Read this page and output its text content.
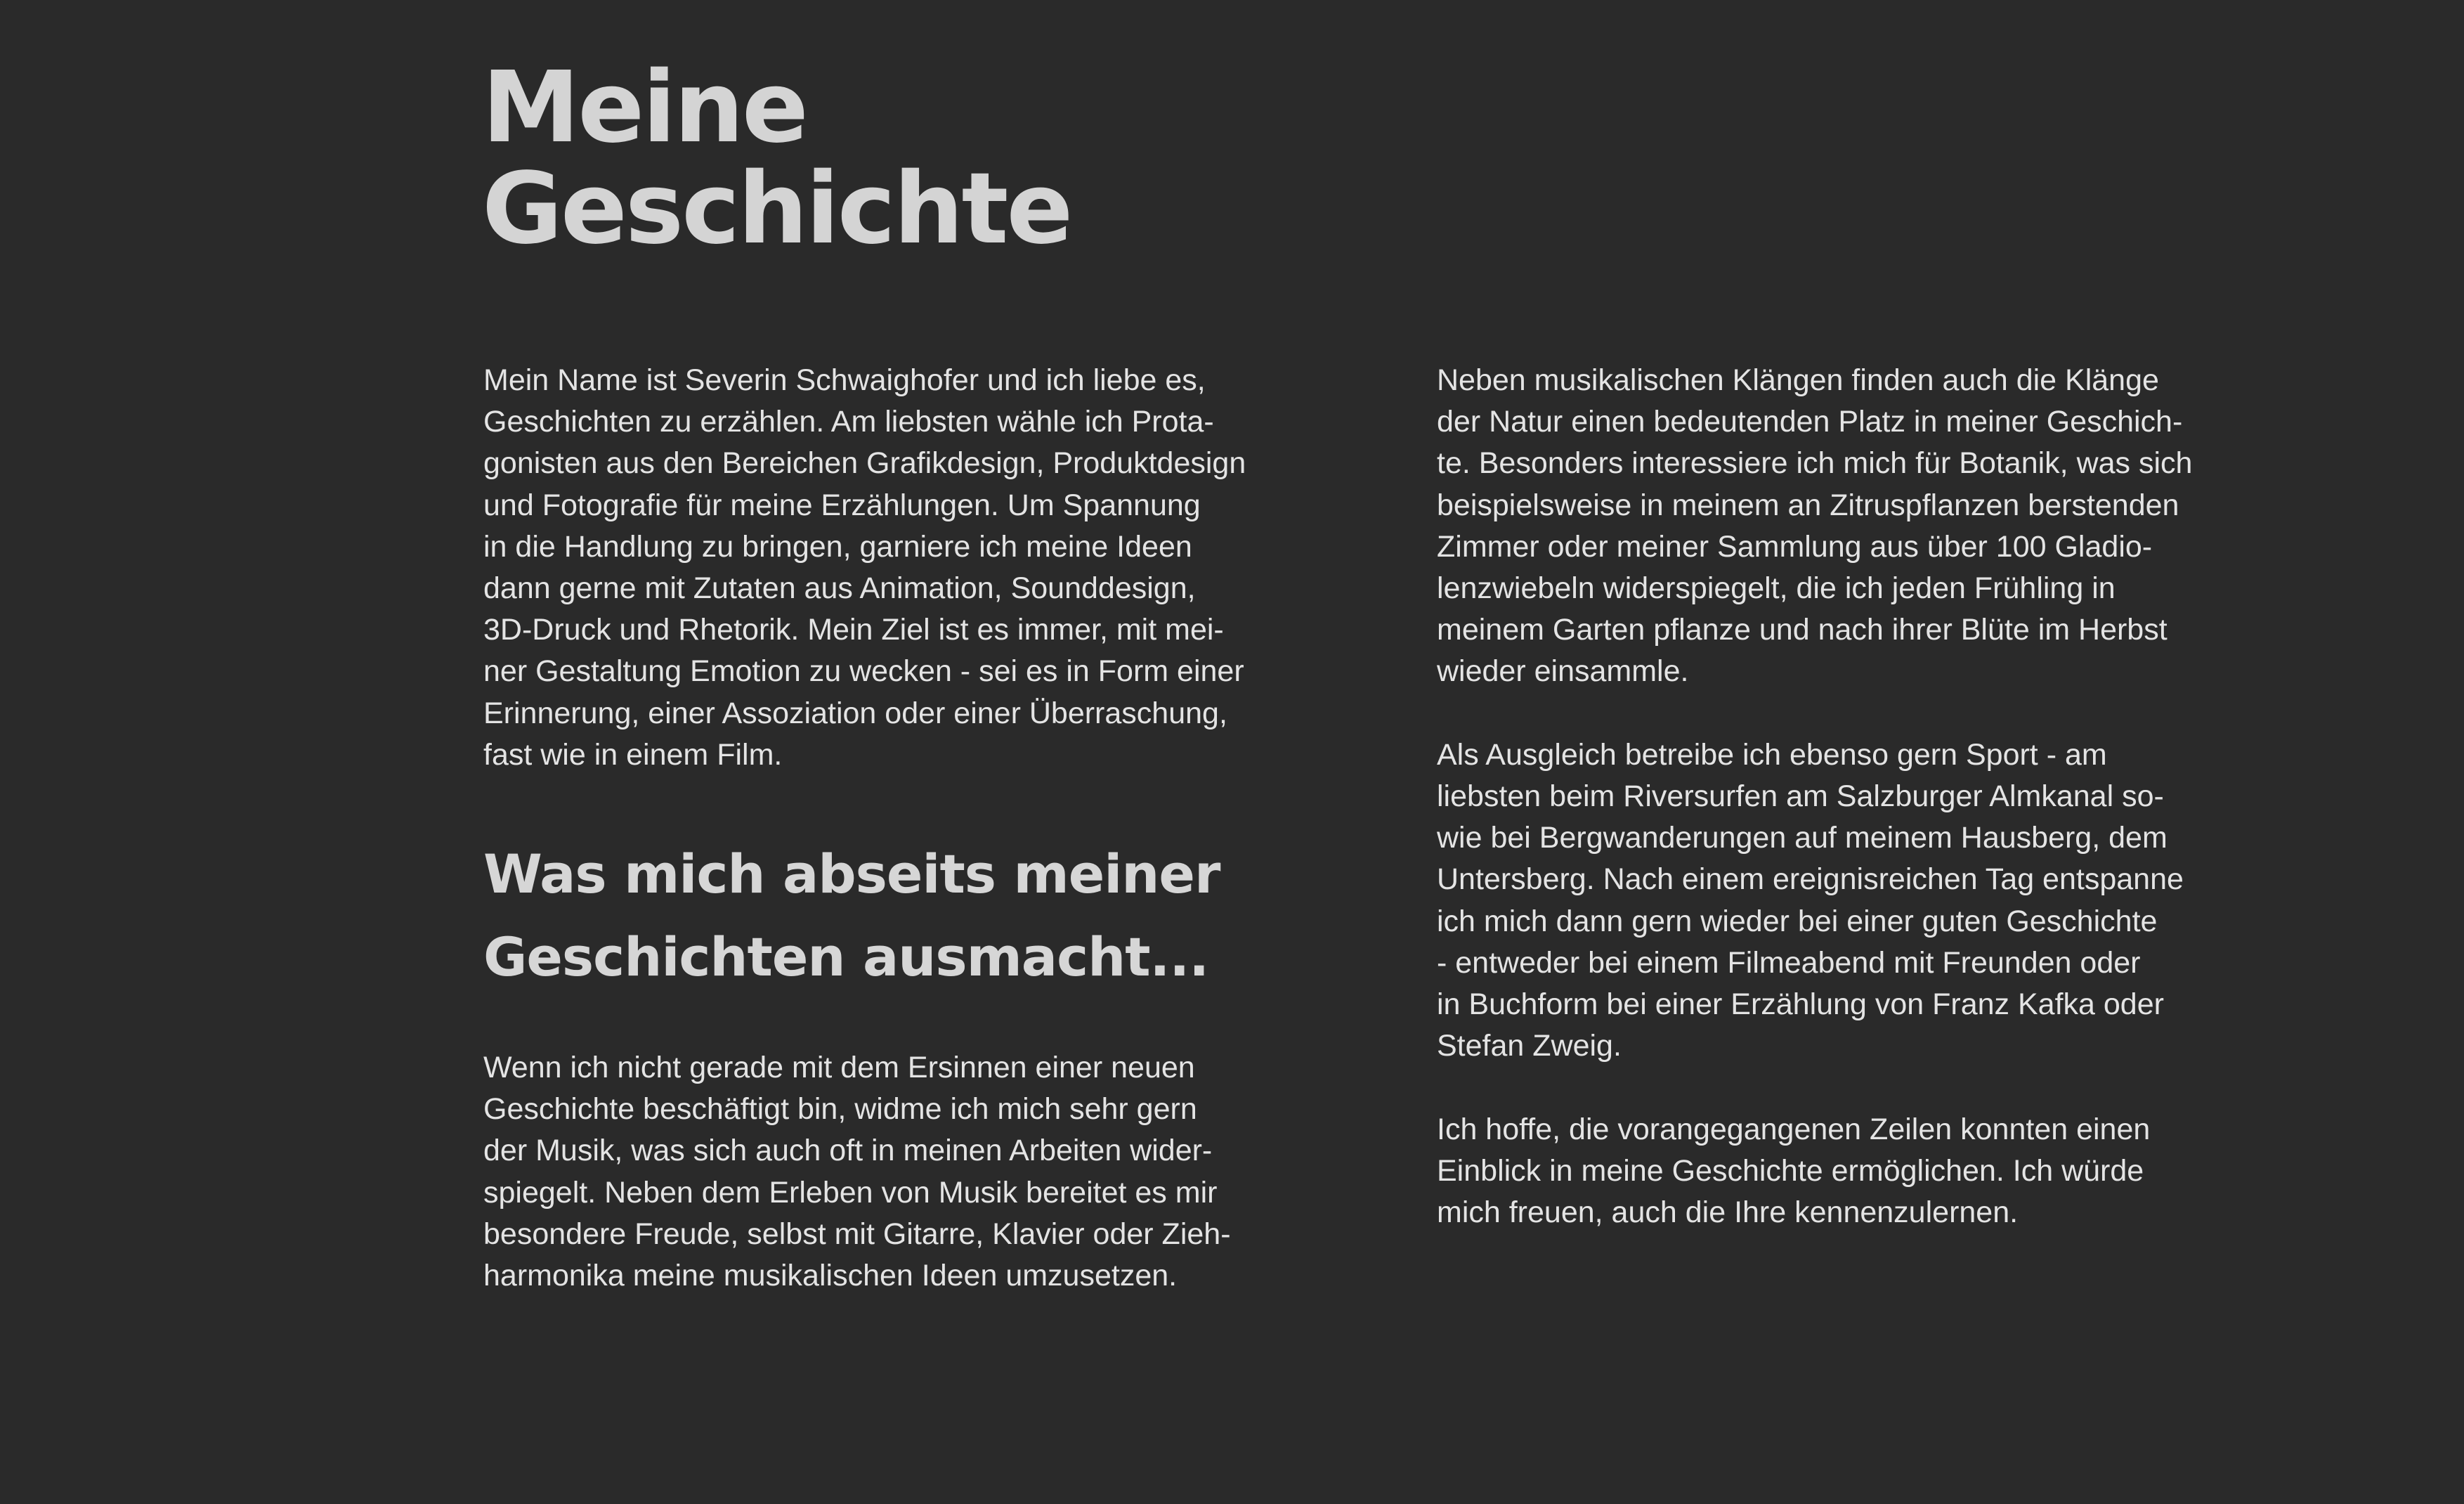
Meine
Geschichte

Mein Name ist Severin Schwaighofer und ich liebe es,
Geschichten zu erzählen. Am liebsten wähle ich Prota-
gonisten aus den Bereichen Grafikdesign, Produktdesign
und Fotografie für meine Erzählungen. Um Spannung
in die Handlung zu bringen, garniere ich meine Ideen
dann gerne mit Zutaten aus Animation, Sounddesign,
3D-Druck und Rhetorik. Mein Ziel ist es immer, mit mei-
ner Gestaltung Emotion zu wecken - sei es in Form einer
Erinnerung, einer Assoziation oder einer Überraschung,
fast wie in einem Film.

Was mich abseits meiner
Geschichten ausmacht...

Wenn ich nicht gerade mit dem Ersinnen einer neuen
Geschichte beschäftigt bin, widme ich mich sehr gern
der Musik, was sich auch oft in meinen Arbeiten wider-
spiegelt. Neben dem Erleben von Musik bereitet es mir
besondere Freude, selbst mit Gitarre, Klavier oder Zieh-
harmonika meine musikalischen Ideen umzusetzen.

Neben musikalischen Klängen finden auch die Klänge
der Natur einen bedeutenden Platz in meiner Geschich-
te. Besonders interessiere ich mich für Botanik, was sich
beispielsweise in meinem an Zitruspflanzen berstenden
Zimmer oder meiner Sammlung aus über 100 Gladio-
lenzwiebeln widerspiegelt, die ich jeden Frühling in
meinem Garten pflanze und nach ihrer Blüte im Herbst
wieder einsammle.

Als Ausgleich betreibe ich ebenso gern Sport - am
liebsten beim Riversurfen am Salzburger Almkanal so-
wie bei Bergwanderungen auf meinem Hausberg, dem
Untersberg. Nach einem ereignisreichen Tag entspanne
ich mich dann gern wieder bei einer guten Geschichte
- entweder bei einem Filmeabend mit Freunden oder
in Buchform bei einer Erzählung von Franz Kafka oder
Stefan Zweig.

Ich hoffe, die vorangegangenen Zeilen konnten einen
Einblick in meine Geschichte ermöglichen. Ich würde
mich freuen, auch die Ihre kennenzulernen.
